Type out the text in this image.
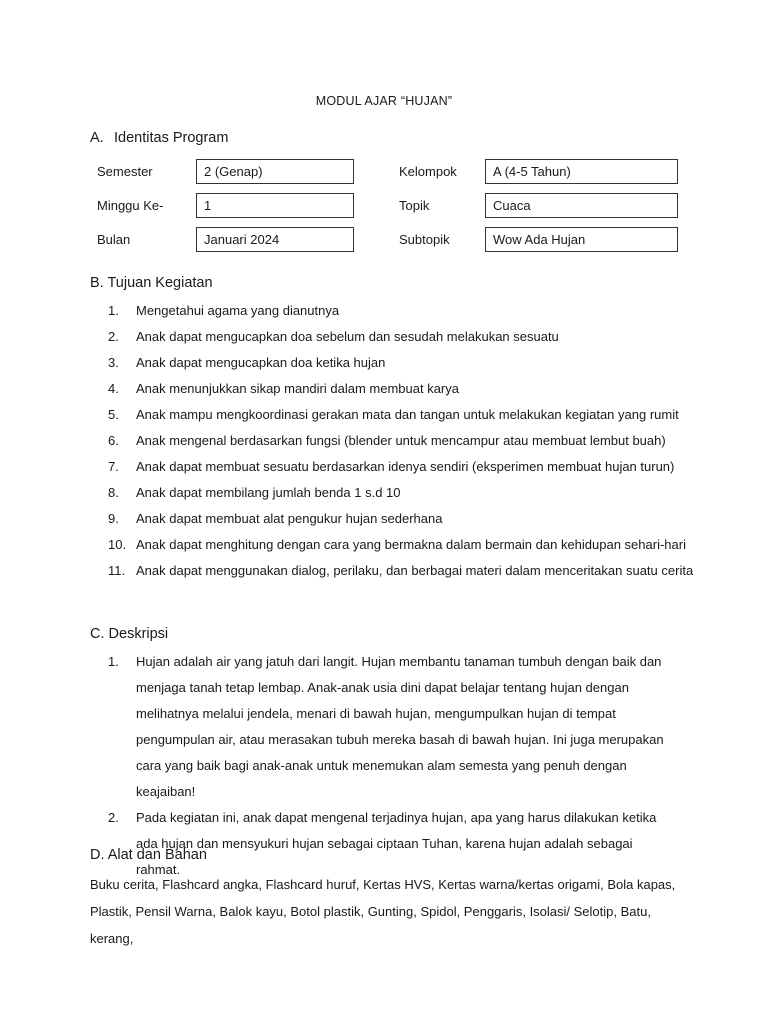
MODUL AJAR “HUJAN”
A. Identitas Program
Semester	2 (Genap)	Kelompok	A (4-5 Tahun)
Minggu Ke-	1	Topik	Cuaca
Bulan	Januari 2024	Subtopik	Wow Ada Hujan
B. Tujuan Kegiatan
1. Mengetahui agama yang dianutnya
2. Anak dapat mengucapkan doa sebelum dan sesudah melakukan sesuatu
3. Anak dapat mengucapkan doa ketika hujan
4. Anak menunjukkan sikap mandiri dalam membuat karya
5. Anak mampu mengkoordinasi gerakan mata dan tangan untuk melakukan kegiatan yang rumit
6. Anak mengenal berdasarkan fungsi (blender untuk mencampur atau membuat lembut buah)
7. Anak dapat membuat sesuatu berdasarkan idenya sendiri (eksperimen membuat hujan turun)
8. Anak dapat membilang jumlah benda 1 s.d 10
9. Anak dapat membuat alat pengukur hujan sederhana
10. Anak dapat menghitung dengan cara yang bermakna dalam bermain dan kehidupan sehari-hari
11. Anak dapat menggunakan dialog, perilaku, dan berbagai materi dalam menceritakan suatu cerita
C. Deskripsi
1. Hujan adalah air yang jatuh dari langit. Hujan membantu tanaman tumbuh dengan baik dan menjaga tanah tetap lembap. Anak-anak usia dini dapat belajar tentang hujan dengan melihatnya melalui jendela, menari di bawah hujan, mengumpulkan hujan di tempat pengumpulan air, atau merasakan tubuh mereka basah di bawah hujan. Ini juga merupakan cara yang baik bagi anak-anak untuk menemukan alam semesta yang penuh dengan keajaiban!
2. Pada kegiatan ini, anak dapat mengenal terjadinya hujan, apa yang harus dilakukan ketika ada hujan dan mensyukuri hujan sebagai ciptaan Tuhan, karena hujan adalah sebagai rahmat.
D. Alat dan Bahan
Buku cerita, Flashcard angka, Flashcard huruf, Kertas HVS, Kertas warna/kertas origami, Bola kapas, Plastik, Pensil Warna, Balok kayu, Botol plastik, Gunting, Spidol, Penggaris, Isolasi/ Selotip, Batu, kerang,
